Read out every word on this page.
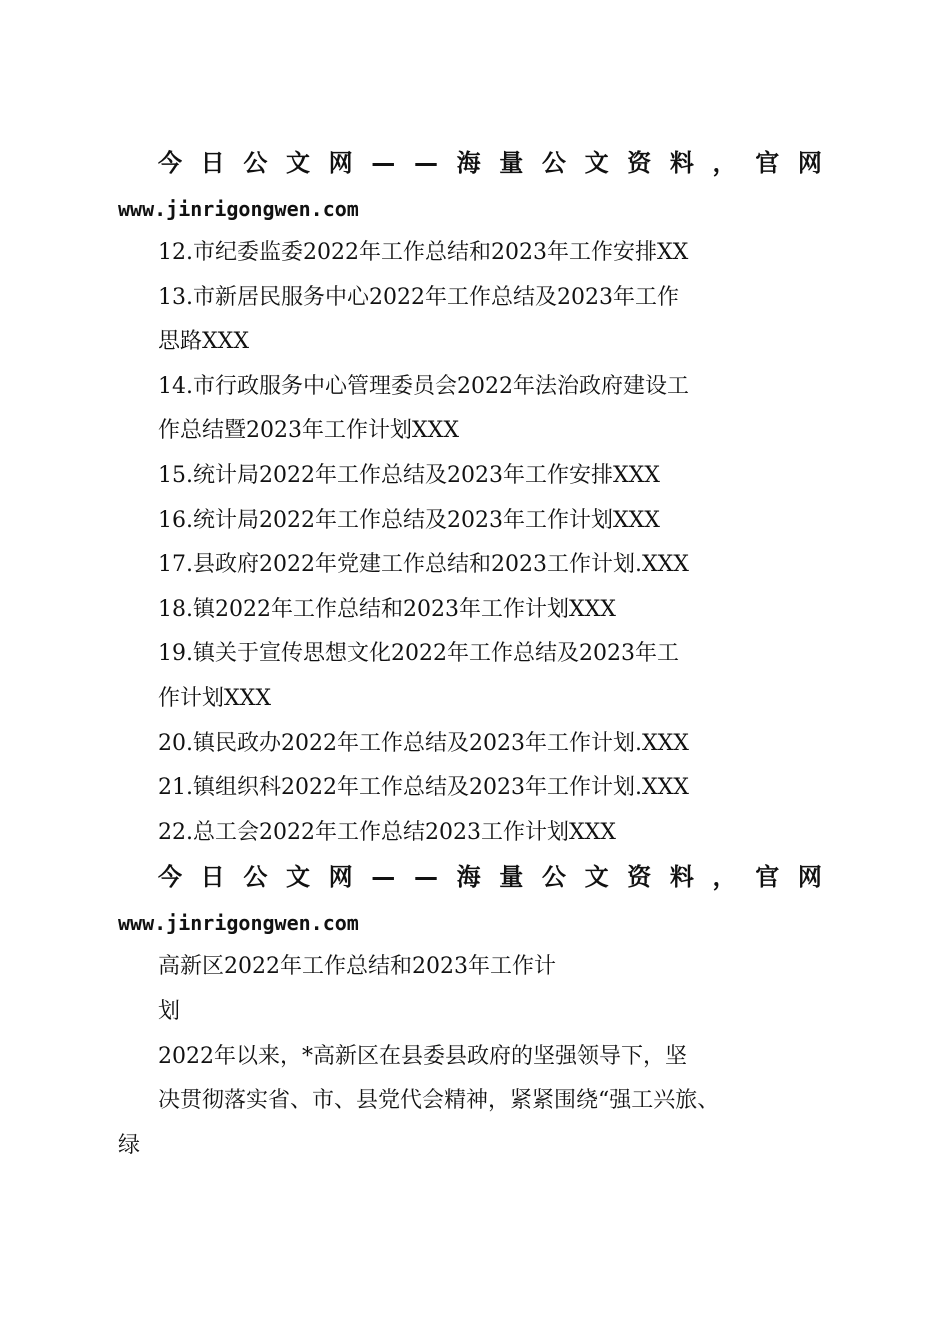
今 日 公 文 网 — — 海 量 公 文 资 料 ， 官 网
www.jinrigongwen.com
12.市纪委监委2022年工作总结和2023年工作安排XX
13.市新居民服务中心2022年工作总结及2023年工作
思路XXX
14.市行政服务中心管理委员会2022年法治政府建设工
作总结暨2023年工作计划XXX
15.统计局2022年工作总结及2023年工作安排XXX
16.统计局2022年工作总结及2023年工作计划XXX
17.县政府2022年党建工作总结和2023工作计划.XXX
18.镇2022年工作总结和2023年工作计划XXX
19.镇关于宣传思想文化2022年工作总结及2023年工
作计划XXX
20.镇民政办2022年工作总结及2023年工作计划.XXX
21.镇组织科2022年工作总结及2023年工作计划.XXX
22.总工会2022年工作总结2023工作计划XXX
今 日 公 文 网 — — 海 量 公 文 资 料 ， 官 网
www.jinrigongwen.com
高新区2022年工作总结和2023年工作计
划
2022年以来，*高新区在县委县政府的坚强领导下，坚
决贯彻落实省、市、县党代会精神，紧紧围绕“强工兴旅、
绿
